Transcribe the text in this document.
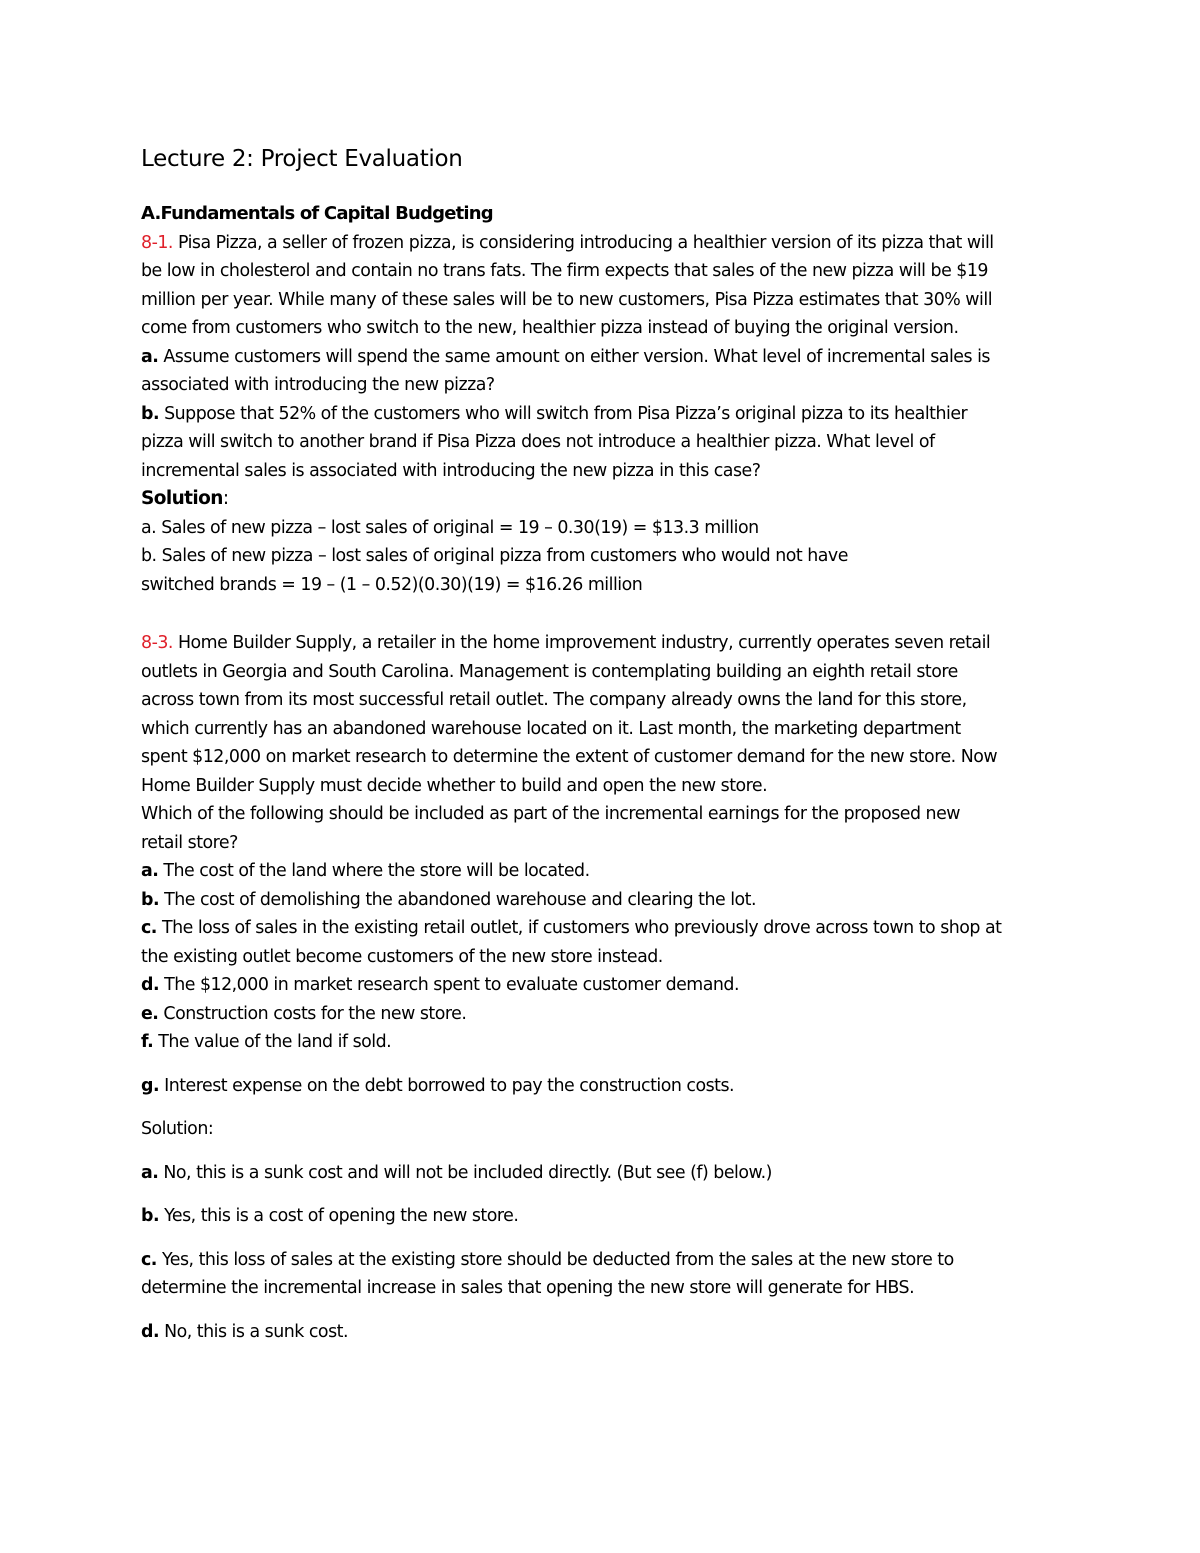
Lecture 2: Project Evaluation
A.Fundamentals of Capital Budgeting
8-1. Pisa Pizza, a seller of frozen pizza, is considering introducing a healthier version of its pizza that will
be low in cholesterol and contain no trans fats. The firm expects that sales of the new pizza will be $19
million per year. While many of these sales will be to new customers, Pisa Pizza estimates that 30% will
come from customers who switch to the new, healthier pizza instead of buying the original version.
a. Assume customers will spend the same amount on either version. What level of incremental sales is
associated with introducing the new pizza?
b. Suppose that 52% of the customers who will switch from Pisa Pizza’s original pizza to its healthier
pizza will switch to another brand if Pisa Pizza does not introduce a healthier pizza. What level of
incremental sales is associated with introducing the new pizza in this case?
Solution:
a. Sales of new pizza – lost sales of original = 19 – 0.30(19) = $13.3 million
b. Sales of new pizza – lost sales of original pizza from customers who would not have
switched brands = 19 – (1 – 0.52)(0.30)(19) = $16.26 million
8-3. Home Builder Supply, a retailer in the home improvement industry, currently operates seven retail
outlets in Georgia and South Carolina. Management is contemplating building an eighth retail store
across town from its most successful retail outlet. The company already owns the land for this store,
which currently has an abandoned warehouse located on it. Last month, the marketing department
spent $12,000 on market research to determine the extent of customer demand for the new store. Now
Home Builder Supply must decide whether to build and open the new store.
Which of the following should be included as part of the incremental earnings for the proposed new
retail store?
a. The cost of the land where the store will be located.
b. The cost of demolishing the abandoned warehouse and clearing the lot.
c. The loss of sales in the existing retail outlet, if customers who previously drove across town to shop at
the existing outlet become customers of the new store instead.
d. The $12,000 in market research spent to evaluate customer demand.
e. Construction costs for the new store.
f. The value of the land if sold.
g. Interest expense on the debt borrowed to pay the construction costs.
Solution:
a. No, this is a sunk cost and will not be included directly. (But see (f) below.)
b. Yes, this is a cost of opening the new store.
c. Yes, this loss of sales at the existing store should be deducted from the sales at the new store to
determine the incremental increase in sales that opening the new store will generate for HBS.
d. No, this is a sunk cost.
